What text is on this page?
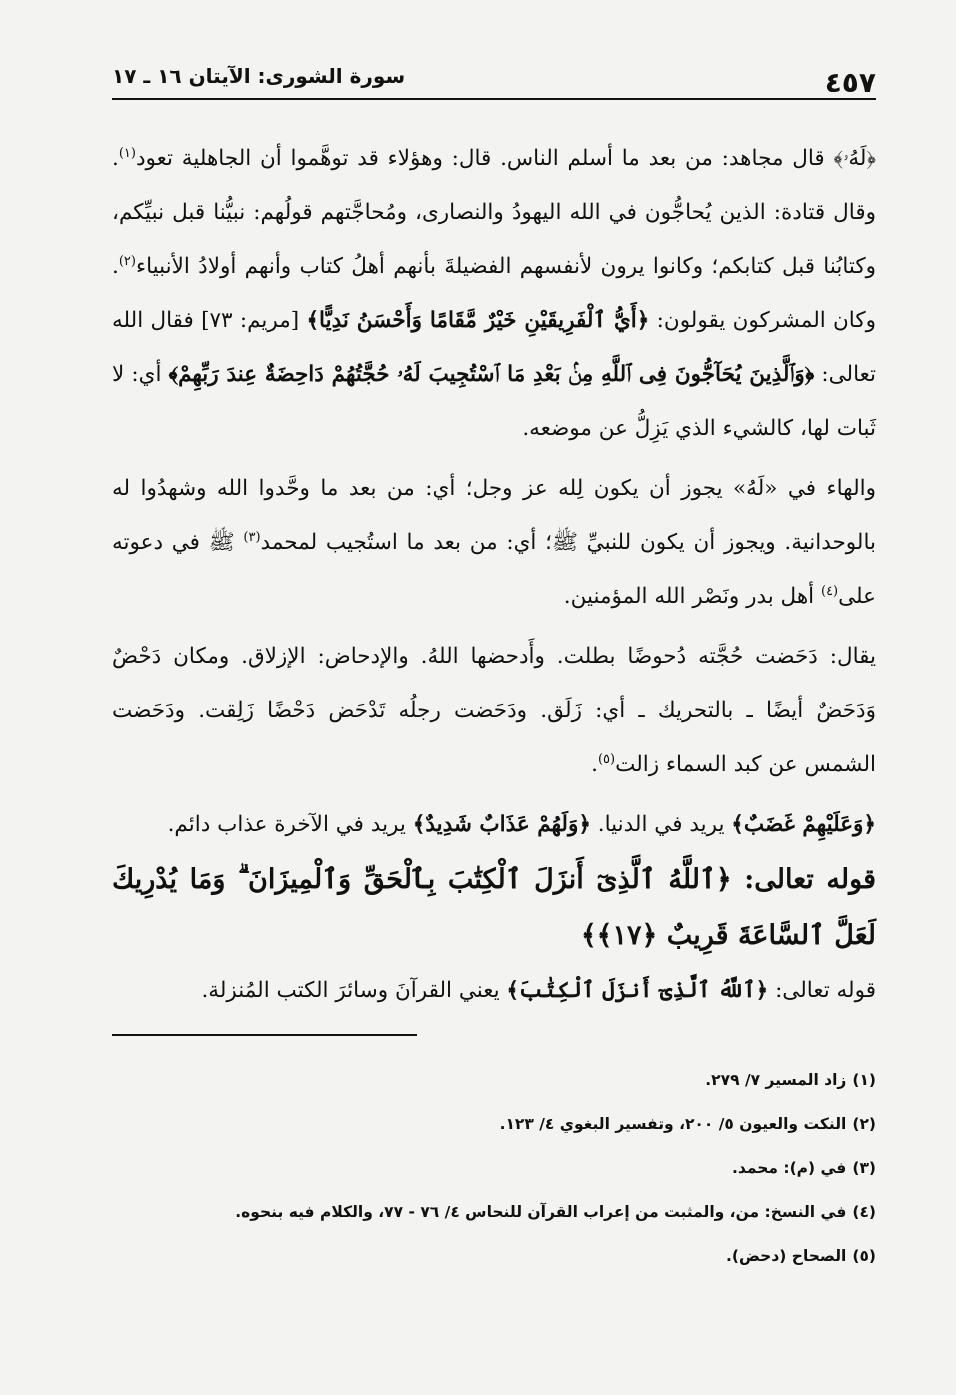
٤٥٧
سورة الشورى: الآيتان ١٦ ـ ١٧

﴿لَهُۥ﴾ قال مجاهد: من بعد ما أسلم الناس. قال: وهؤلاء قد توهَّموا أن الجاهلية تعود$^{(١)}$. وقال قتادة: الذين يُحاجُّون في الله اليهودُ والنصارى، ومُحاجَّتهم قولُهم: نبيُّنا قبل نبيِّكم، وكتابُنا قبل كتابكم؛ وكانوا يرون لأنفسهم الفضيلةَ بأنهم أهلُ كتاب وأنهم أولادُ الأنبياء$^{(٢)}$. وكان المشركون يقولون: ﴿أَيُّ ٱلْفَرِيقَيْنِ خَيْرٌ مَّقَامًا وَأَحْسَنُ نَدِيًّا﴾ [مريم: ٧٣] فقال الله تعالى: ﴿وَٱلَّذِينَ يُحَآجُّونَ فِى ٱللَّهِ مِنۢ بَعْدِ مَا ٱسْتُجِيبَ لَهُۥ حُجَّتُهُمْ دَاحِضَةٌ عِندَ رَبِّهِمْ﴾ أي: لا ثَبات لها، كالشيء الذي يَزِلُّ عن موضعه.

والهاء في «لَهُ» يجوز أن يكون لِله عز وجل؛ أي: من بعد ما وحَّدوا الله وشهدُوا له بالوحدانية. ويجوز أن يكون للنبيِّ ﷺ؛ أي: من بعد ما استُجيب لمحمد$^{(٣)}$ ﷺ في دعوته على$^{(٤)}$ أهل بدر ونَصْر الله المؤمنين.

يقال: دَحَضت حُجَّته دُحوضًا بطلت. وأَدحضها اللهُ. والإدحاض: الإزلاق. ومكان دَحْضٌ وَدَحَضٌ أيضًا ـ بالتحريك ـ أي: زَلَق. ودَحَضت رجلُه تَدْحَض دَحْضًا زَلِقت. ودَحَضت الشمس عن كبد السماء زالت$^{(٥)}$.

﴿وَعَلَيْهِمْ غَضَبٌ﴾ يريد في الدنيا. ﴿وَلَهُمْ عَذَابٌ شَدِيدٌ﴾ يريد في الآخرة عذاب دائم.

قوله تعالى: ﴿ٱللَّهُ ٱلَّذِىٓ أَنزَلَ ٱلْكِتَٰبَ بِٱلْحَقِّ وَٱلْمِيزَانَ ۗ وَمَا يُدْرِيكَ لَعَلَّ ٱلسَّاعَةَ قَرِيبٌ ﴿١٧﴾﴾

قوله تعالى: ﴿ٱللَّهُ ٱلَّذِىٓ أَنزَلَ ٱلْكِتَٰبَ﴾ يعني القرآنَ وسائرَ الكتب المُنزلة.

(١)زاد المسير ٧/ ٢٧٩.

(٢)النكت والعيون ٥/ ٢٠٠، وتفسير البغوي ٤/ ١٢٣.

(٣)في (م): محمد.

(٤)في النسخ: من، والمثبت من إعراب القرآن للنحاس ٤/ ٧٦ - ٧٧، والكلام فيه بنحوه.

(٥)الصحاح (دحض).
